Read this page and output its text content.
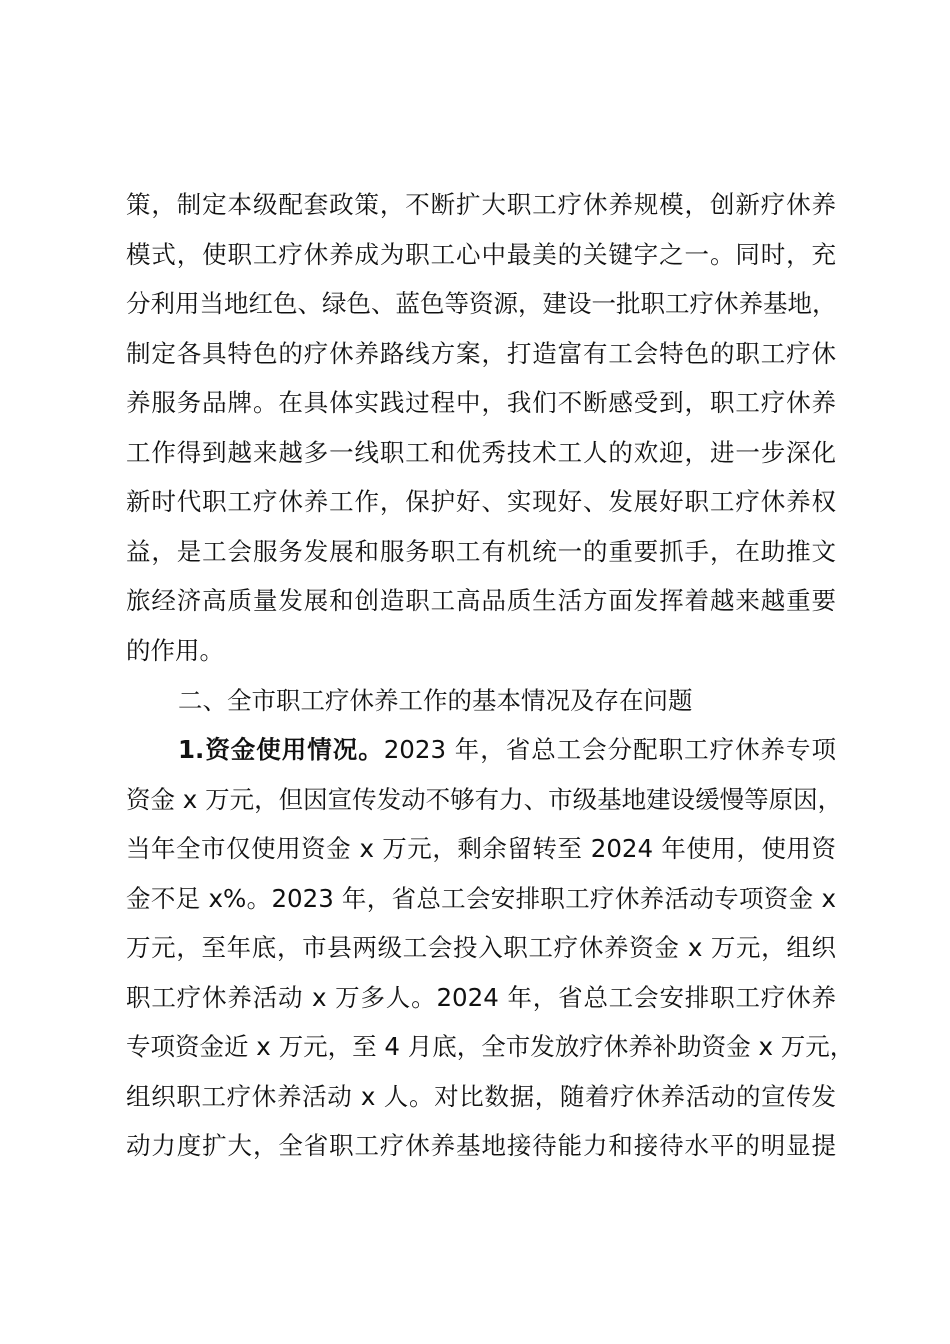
策，制定本级配套政策，不断扩大职工疗休养规模，创新疗休养
模式，使职工疗休养成为职工心中最美的关键字之一。同时，充
分利用当地红色、绿色、蓝色等资源，建设一批职工疗休养基地，
制定各具特色的疗休养路线方案，打造富有工会特色的职工疗休
养服务品牌。在具体实践过程中，我们不断感受到，职工疗休养
工作得到越来越多一线职工和优秀技术工人的欢迎，进一步深化
新时代职工疗休养工作，保护好、实现好、发展好职工疗休养权
益，是工会服务发展和服务职工有机统一的重要抓手，在助推文
旅经济高质量发展和创造职工高品质生活方面发挥着越来越重要
的作用。
二、全市职工疗休养工作的基本情况及存在问题
1.资金使用情况。2023 年，省总工会分配职工疗休养专项
资金 x 万元，但因宣传发动不够有力、市级基地建设缓慢等原因，
当年全市仅使用资金 x 万元，剩余留转至 2024 年使用，使用资
金不足 x%。2023 年，省总工会安排职工疗休养活动专项资金 x
万元，至年底，市县两级工会投入职工疗休养资金 x 万元，组织
职工疗休养活动 x 万多人。2024 年，省总工会安排职工疗休养
专项资金近 x 万元，至 4 月底，全市发放疗休养补助资金 x 万元，
组织职工疗休养活动 x 人。对比数据，随着疗休养活动的宣传发
动力度扩大，全省职工疗休养基地接待能力和接待水平的明显提
